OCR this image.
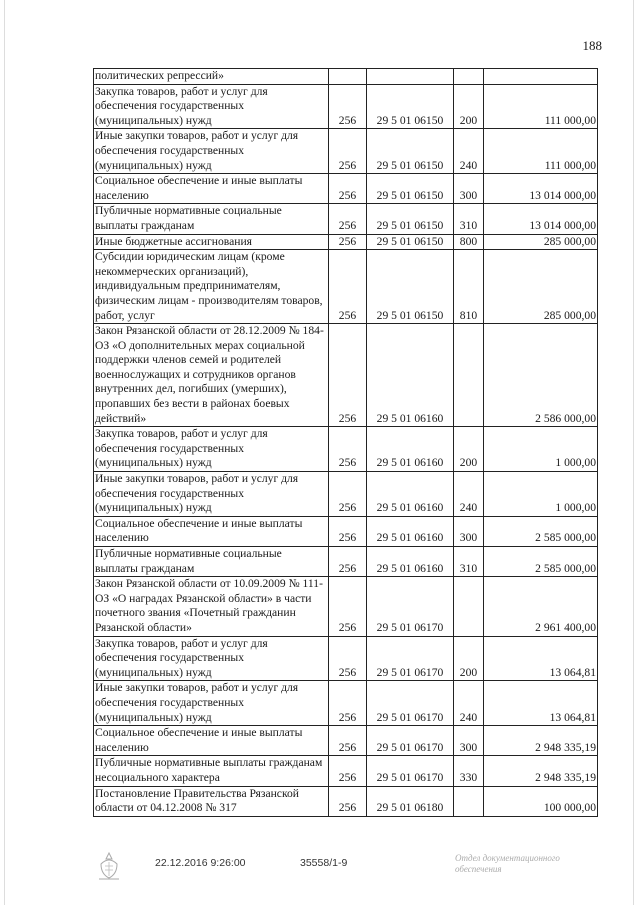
188
политических репрессий»				
Закупка товаров, работ и услуг для обеспечения государственных (муниципальных) нужд	256	29 5 01 06150	200	111 000,00
Иные закупки товаров, работ и услуг для обеспечения государственных (муниципальных) нужд	256	29 5 01 06150	240	111 000,00
Социальное обеспечение и иные выплаты населению	256	29 5 01 06150	300	13 014 000,00
Публичные нормативные социальные выплаты гражданам	256	29 5 01 06150	310	13 014 000,00
Иные бюджетные ассигнования	256	29 5 01 06150	800	285 000,00
Субсидии юридическим лицам (кроме некоммерческих организаций), индивидуальным предпринимателям, физическим лицам - производителям товаров, работ, услуг	256	29 5 01 06150	810	285 000,00
Закон Рязанской области от 28.12.2009 № 184-ОЗ «О дополнительных мерах социальной поддержки членов семей и родителей военнослужащих и сотрудников органов внутренних дел, погибших (умерших), пропавших без вести в районах боевых действий»	256	29 5 01 06160		2 586 000,00
Закупка товаров, работ и услуг для обеспечения государственных (муниципальных) нужд	256	29 5 01 06160	200	1 000,00
Иные закупки товаров, работ и услуг для обеспечения государственных (муниципальных) нужд	256	29 5 01 06160	240	1 000,00
Социальное обеспечение и иные выплаты населению	256	29 5 01 06160	300	2 585 000,00
Публичные нормативные социальные выплаты гражданам	256	29 5 01 06160	310	2 585 000,00
Закон Рязанской области от 10.09.2009 № 111-ОЗ «О наградах Рязанской области» в части почетного звания «Почетный гражданин Рязанской области»	256	29 5 01 06170		2 961 400,00
Закупка товаров, работ и услуг для обеспечения государственных (муниципальных) нужд	256	29 5 01 06170	200	13 064,81
Иные закупки товаров, работ и услуг для обеспечения государственных (муниципальных) нужд	256	29 5 01 06170	240	13 064,81
Социальное обеспечение и иные выплаты населению	256	29 5 01 06170	300	2 948 335,19
Публичные нормативные выплаты гражданам несоциального характера	256	29 5 01 06170	330	2 948 335,19
Постановление Правительства Рязанской области от 04.12.2008 № 317	256	29 5 01 06180		100 000,00
22.12.2016 9:26:00	35558/1-9	Отдел документационного обеспечения
